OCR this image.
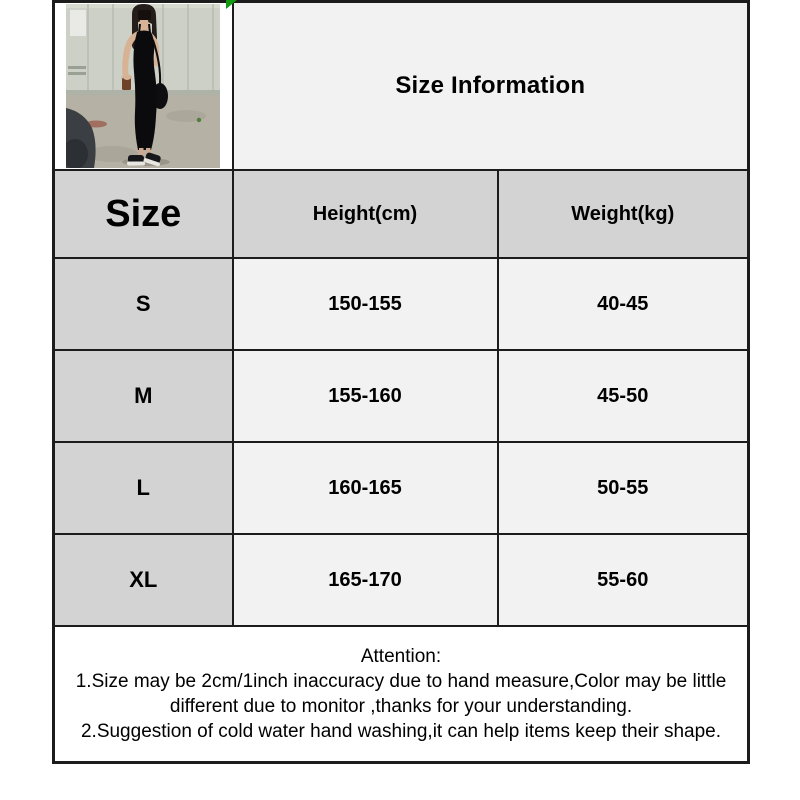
	Size Information	
Size	Height(cm)	Weight(kg)
S	150-155	40-45
M	155-160	45-50
L	160-165	50-55
XL	165-170	55-60

Attention:
1.Size may be 2cm/1inch inaccuracy due to hand measure,Color may be little different due to monitor ,thanks for your understanding.
2.Suggestion of cold water hand washing,it can help items keep their shape.		
